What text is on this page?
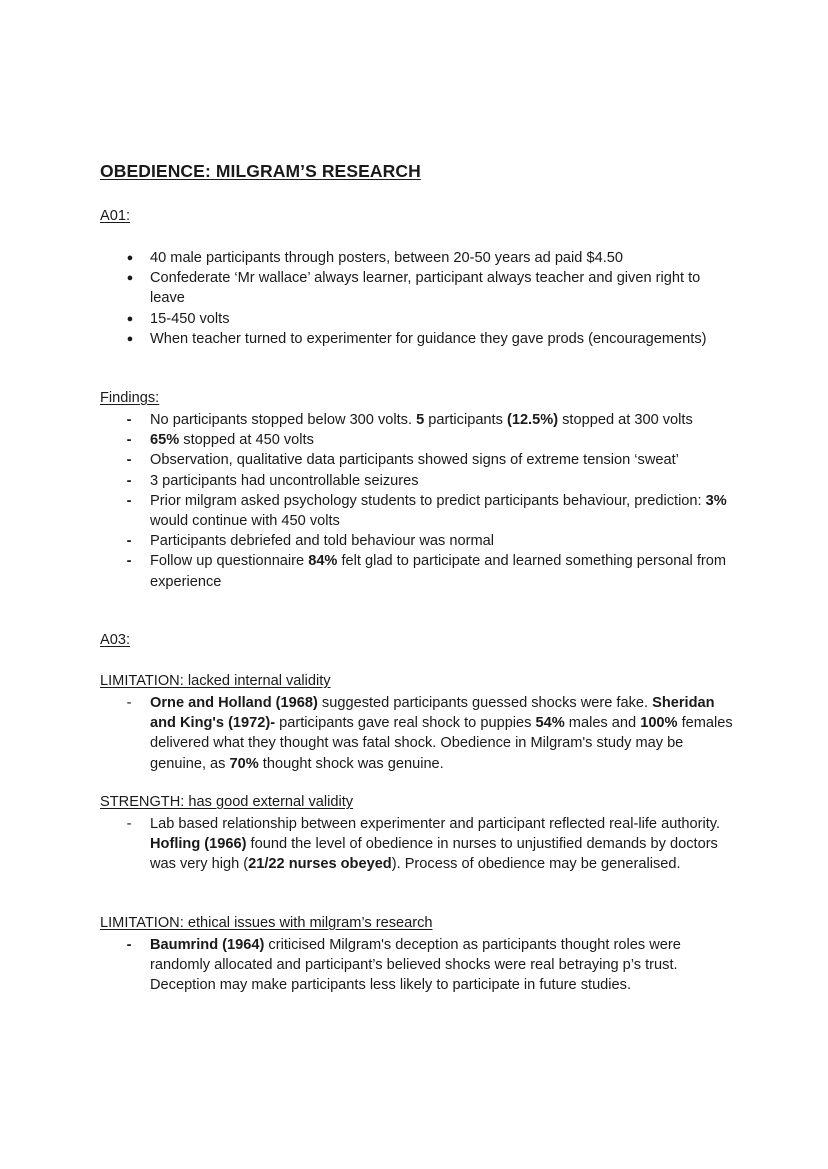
OBEDIENCE: MILGRAM’S RESEARCH
A01:
● 40 male participants through posters, between 20-50 years ad paid $4.50
● Confederate ‘Mr wallace’ always learner, participant always teacher and given right to leave
● 15-450 volts
● When teacher turned to experimenter for guidance they gave prods (encouragements)
Findings:
- No participants stopped below 300 volts. 5 participants (12.5%) stopped at 300 volts
- 65% stopped at 450 volts
- Observation, qualitative data participants showed signs of extreme tension ‘sweat’
- 3 participants had uncontrollable seizures
- Prior milgram asked psychology students to predict participants behaviour, prediction: 3% would continue with 450 volts
- Participants debriefed and told behaviour was normal
- Follow up questionnaire 84% felt glad to participate and learned something personal from experience
A03:
LIMITATION: lacked internal validity
- Orne and Holland (1968) suggested participants guessed shocks were fake. Sheridan and King's (1972)- participants gave real shock to puppies 54% males and 100% females delivered what they thought was fatal shock. Obedience in Milgram's study may be genuine, as 70% thought shock was genuine.
STRENGTH: has good external validity
- Lab based relationship between experimenter and participant reflected real-life authority. Hofling (1966) found the level of obedience in nurses to unjustified demands by doctors was very high (21/22 nurses obeyed). Process of obedience may be generalised.
LIMITATION: ethical issues with milgram’s research
- Baumrind (1964) criticised Milgram's deception as participants thought roles were randomly allocated and participant’s believed shocks were real betraying p’s trust. Deception may make participants less likely to participate in future studies.
